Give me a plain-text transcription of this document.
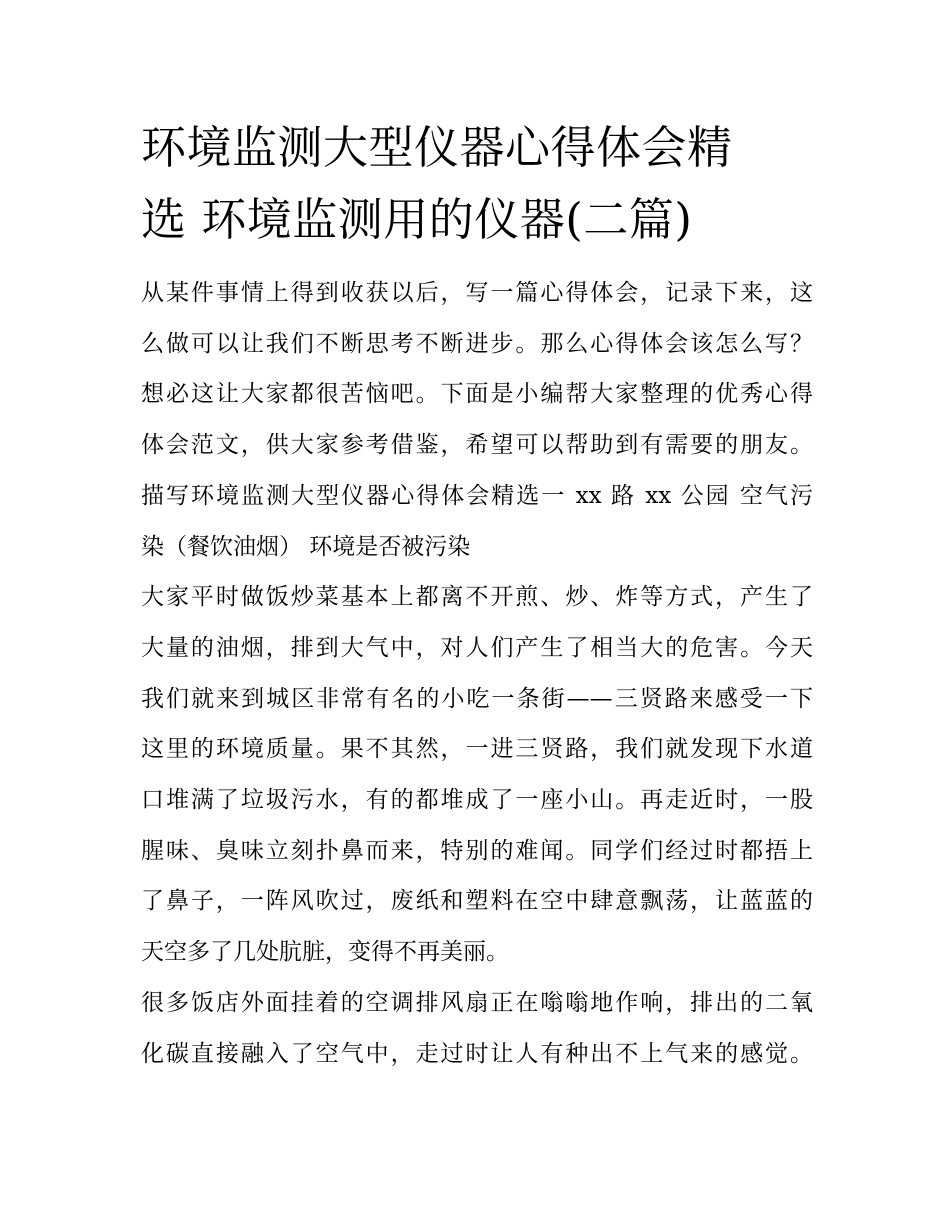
环境监测大型仪器心得体会精
选 环境监测用的仪器(二篇)
从某件事情上得到收获以后，写一篇心得体会，记录下来，这
么做可以让我们不断思考不断进步。那么心得体会该怎么写？
想必这让大家都很苦恼吧。下面是小编帮大家整理的优秀心得
体会范文，供大家参考借鉴，希望可以帮助到有需要的朋友。
描写环境监测大型仪器心得体会精选一 xx 路 xx 公园 空气污
染（餐饮油烟） 环境是否被污染
大家平时做饭炒菜基本上都离不开煎、炒、炸等方式，产生了
大量的油烟，排到大气中，对人们产生了相当大的危害。今天
我们就来到城区非常有名的小吃一条街——三贤路来感受一下
这里的环境质量。果不其然，一进三贤路，我们就发现下水道
口堆满了垃圾污水，有的都堆成了一座小山。再走近时，一股
腥味、臭味立刻扑鼻而来，特别的难闻。同学们经过时都捂上
了鼻子，一阵风吹过，废纸和塑料在空中肆意飘荡，让蓝蓝的
天空多了几处肮脏，变得不再美丽。
很多饭店外面挂着的空调排风扇正在嗡嗡地作响，排出的二氧
化碳直接融入了空气中，走过时让人有种出不上气来的感觉。
